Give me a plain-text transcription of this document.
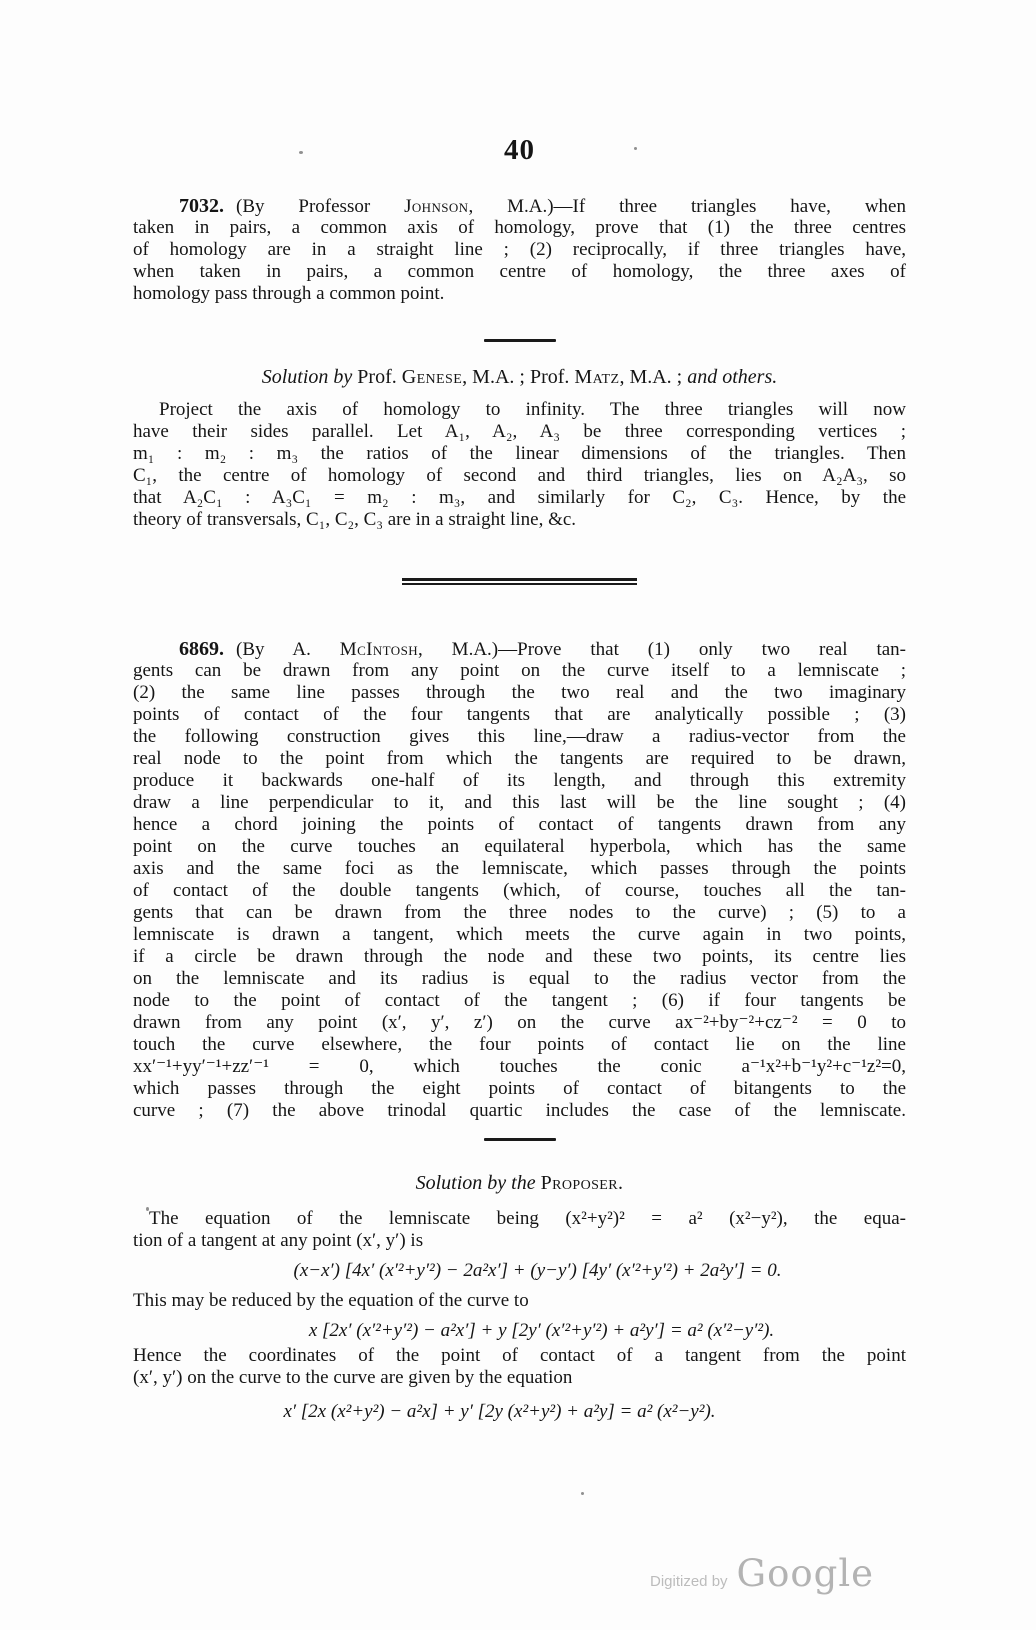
40
7032. (By Professor Johnson, M.A.)—If three triangles have, when
taken in pairs, a common axis of homology, prove that (1) the three centres
of homology are in a straight line ; (2) reciprocally, if three triangles have,
when taken in pairs, a common centre of homology, the three axes of
homology pass through a common point.
Solution by Prof. Genese, M.A. ; Prof. Matz, M.A. ; and others.
Project the axis of homology to infinity. The three triangles will now
have their sides parallel. Let A₁, A₂, A₃ be three corresponding vertices ;
m₁ : m₂ : m₃ the ratios of the linear dimensions of the triangles. Then
C₁, the centre of homology of second and third triangles, lies on A₂A₃, so
that A₂C₁ : A₃C₁ = m₂ : m₃, and similarly for C₂, C₃. Hence, by the
theory of transversals, C₁, C₂, C₃ are in a straight line, &c.
6869. (By A. McIntosh, M.A.)—Prove that (1) only two real tan-
gents can be drawn from any point on the curve itself to a lemniscate ;
(2) the same line passes through the two real and the two imaginary
points of contact of the four tangents that are analytically possible ; (3)
the following construction gives this line,—draw a radius-vector from the
real node to the point from which the tangents are required to be drawn,
produce it backwards one-half of its length, and through this extremity
draw a line perpendicular to it, and this last will be the line sought ; (4)
hence a chord joining the points of contact of tangents drawn from any
point on the curve touches an equilateral hyperbola, which has the same
axis and the same foci as the lemniscate, which passes through the points
of contact of the double tangents (which, of course, touches all the tan-
gents that can be drawn from the three nodes to the curve) ; (5) to a
lemniscate is drawn a tangent, which meets the curve again in two points,
if a circle be drawn through the node and these two points, its centre lies
on the lemniscate and its radius is equal to the radius vector from the
node to the point of contact of the tangent ; (6) if four tangents be
drawn from any point (x′, y′, z′) on the curve ax⁻²+by⁻²+cz⁻² = 0 to
touch the curve elsewhere, the four points of contact lie on the line
xx′⁻¹+yy′⁻¹+zz′⁻¹ = 0, which touches the conic a⁻¹x²+b⁻¹y²+c⁻¹z²=0,
which passes through the eight points of contact of bitangents to the
curve ; (7) the above trinodal quartic includes the case of the lemniscate.
Solution by the Proposer.
The equation of the lemniscate being (x²+y²)² = a² (x²−y²), the equa-
tion of a tangent at any point (x′, y′) is
(x−x′) [4x′ (x′²+y′²) − 2a²x′] + (y−y′) [4y′ (x′²+y′²) + 2a²y′] = 0.
This may be reduced by the equation of the curve to
x [2x′ (x′²+y′²) − a²x′] + y [2y′ (x′²+y′²) + a²y′] = a² (x′²−y′²).
Hence the coordinates of the point of contact of a tangent from the point
(x′, y′) on the curve to the curve are given by the equation
x′ [2x (x²+y²) − a²x] + y′ [2y (x²+y²) + a²y] = a² (x²−y²).
Digitized by Google
